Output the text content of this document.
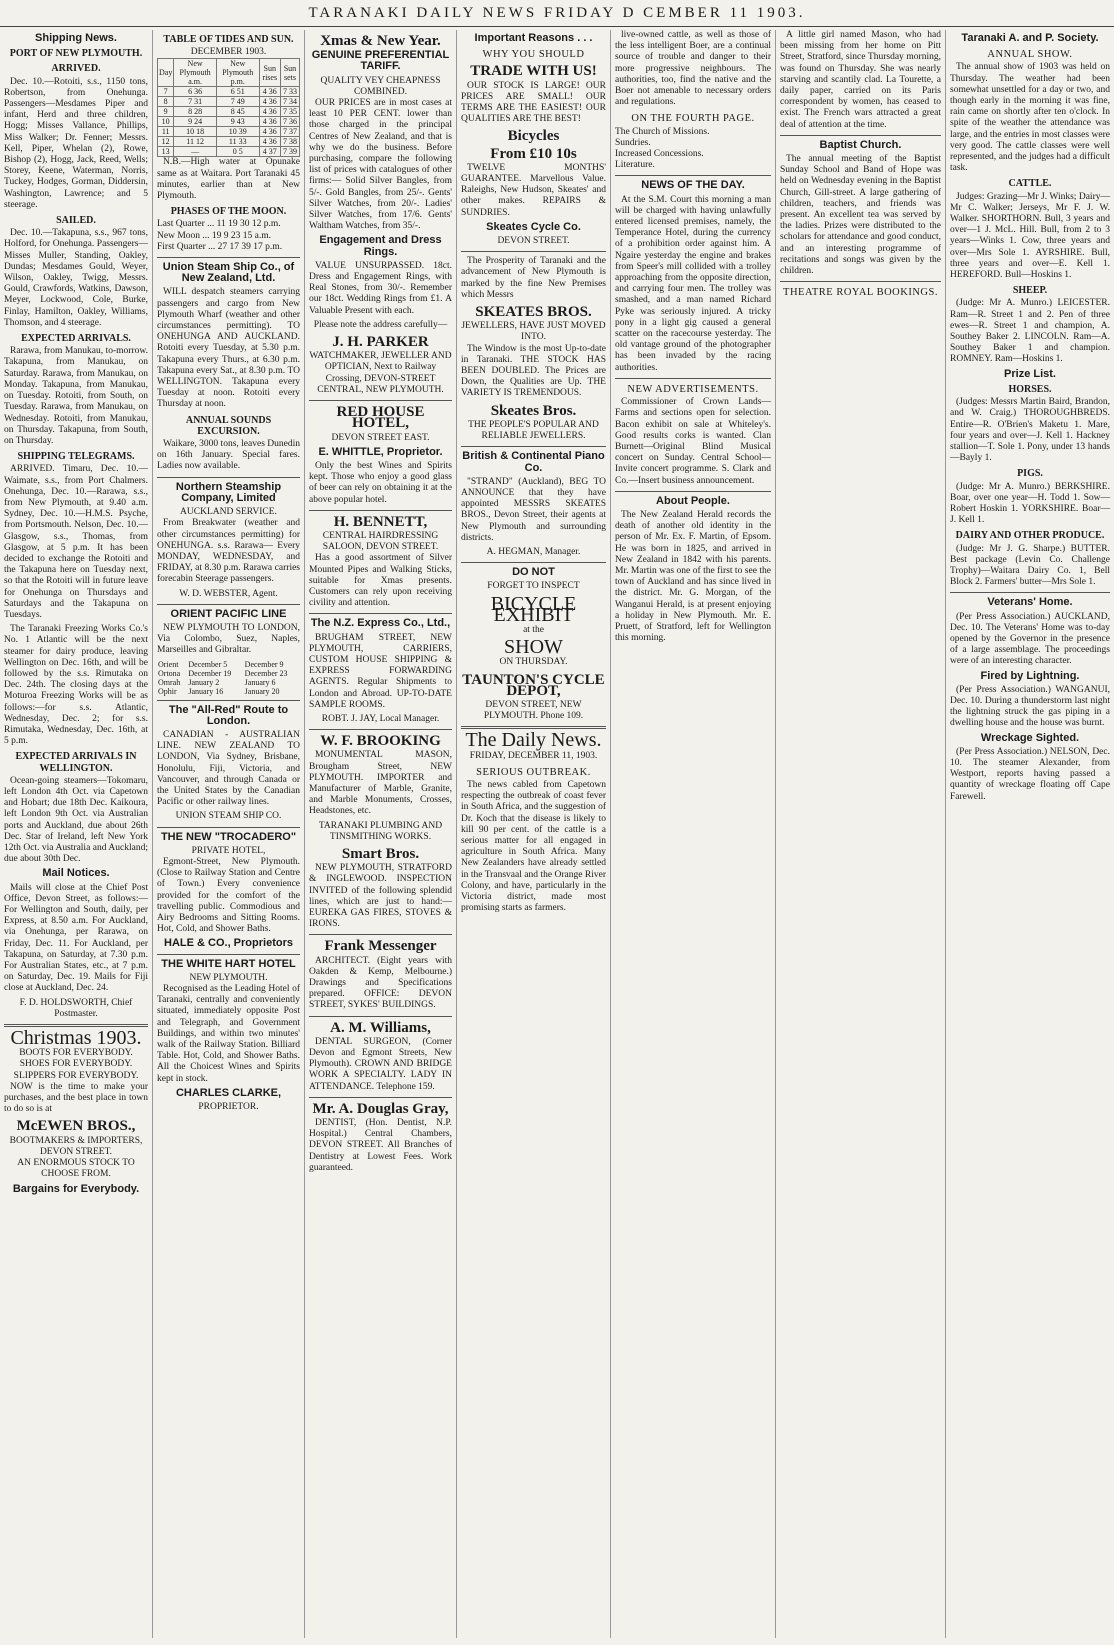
TARANAKI DAILY NEWS FRIDAY D CEMBER 11 1903.
Shipping News.
PORT OF NEW PLYMOUTH.
ARRIVED.

Dec. 10.—Rotoiti, s.s., 1150 tons, Robertson, from Onehunga. Passengers—Mesdames Piper and infant, Herd and three children, Hogg; Misses Vallance, Phillips, Miss Walker; Dr. Fenner; Messrs. Kell, Piper, Whelan (2), Rowe, Bishop (2), Hogg, Jack, Reed, Wells; Storey, Keene, Waterman, Norris, Tuckey, Hodges, Gorman, Diddersin, Washington, Lawrence; and 5 steerage.

SAILED.

Dec. 10.—Takapuna, s.s., 967 tons, Holford, for Onehunga. Passengers—Misses Muller, Standing, Oakley, Dundas; Mesdames Gould, Weyer, Wilson, Oakley, Twigg, Messrs. Gould, Crawfords, Watkins, Dawson, Meyer, Lockwood, Cole, Burke, Finlay, Hamilton, Oakley, Williams, Thomson, and 4 steerage.

EXPECTED ARRIVALS.

Rarawa, from Manukau, to-morrow. Takapuna, from Manukau, on Saturday. Rarawa, from Manukau, on Monday. Takapuna, from Manukau, on Tuesday. Rotoiti, from South, on Tuesday. Rarawa, from Manukau, on Wednesday. Rotoiti, from Manukau, on Thursday. Takapuna, from South, on Thursday.

SHIPPING TELEGRAMS.

ARRIVED. Timaru, Dec. 10.—Waimate, s.s., from Port Chalmers. Onehunga, Dec. 10.—Rarawa, s.s., from New Plymouth, at 9.40 a.m. Sydney, Dec. 10.—H.M.S. Psyche, from Portsmouth. Nelson, Dec. 10.—Glasgow, s.s., Thomas, from Glasgow, at 5 p.m. It has been decided to exchange the Rotoiti and the Takapuna here on Tuesday next, so that the Rotoiti will in future leave for Onehunga on Thursdays and Saturdays and the Takapuna on Tuesdays.

The Taranaki Freezing Works Co.'s No. 1 Atlantic will be the next steamer for dairy produce, leaving Wellington on Dec. 16th, and will be followed by the s.s. Rimutaka on Dec. 24th. The closing days at the Moturoa Freezing Works will be as follows:—for s.s. Atlantic, Wednesday, Dec. 2; for s.s. Rimutaka, Wednesday, Dec. 16th, at 5 p.m.

EXPECTED ARRIVALS IN WELLINGTON.

Ocean-going steamers—Tokomaru, left London 4th Oct. via Capetown and Hobart; due 18th Dec. Kaikoura, left London 9th Oct. via Australian ports and Auckland, due about 26th Dec. Star of Ireland, left New York 12th Oct. via Australia and Auckland; due about 30th Dec.

Mail Notices.

Mails will close at the Chief Post Office, Devon Street, as follows:—For Wellington and South, daily, per Express, at 8.50 a.m. For Auckland, via Onehunga, per Rarawa, on Friday, Dec. 11. For Auckland, per Takapuna, on Saturday, at 7.30 p.m. For Australian States, etc., at 7 p.m. on Saturday, Dec. 19. Mails for Fiji close at Auckland, Dec. 24.

F. D. HOLDSWORTH, Chief Postmaster.
Christmas 1903.
BOOTS FOR EVERYBODY.
SHOES FOR EVERYBODY.
SLIPPERS FOR EVERYBODY.

NOW is the time to make your purchases, and the best place in town to do so is at

McEWEN BROS.,
BOOTMAKERS & IMPORTERS, DEVON STREET.
AN ENORMOUS STOCK TO CHOOSE FROM.
Bargains for Everybody.
TABLE OF TIDES AND SUN.
DECEMBER 1903.
Day	New Plymouth a.m.	New Plymouth p.m.	Sun rises	Sun sets
7	6 36	6 51	4 36	7 33
8	7 31	7 49	4 36	7 34
9	8 28	8 45	4 36	7 35
10	9 24	9 43	4 36	7 36
11	10 18	10 39	4 36	7 37
12	11 12	11 33	4 36	7 38
13	—	0 5	4 37	7 39

N.B.—High water at Opunake same as at Waitara. Port Taranaki 45 minutes, earlier than at New Plymouth.

PHASES OF THE MOON.
Last Quarter ... 11 19 30 12 p.m.
New Moon ... 19 9 23 15 a.m.
First Quarter ... 27 17 39 17 p.m.
Union Steam Ship Co., of New Zealand, Ltd.

WILL despatch steamers carrying passengers and cargo from New Plymouth Wharf (weather and other circumstances permitting). TO ONEHUNGA AND AUCKLAND. Rotoiti every Tuesday, at 5.30 p.m. Takapuna every Thurs., at 6.30 p.m. Takapuna every Sat., at 8.30 p.m. TO WELLINGTON. Takapuna every Tuesday at noon. Rotoiti every Thursday at noon.

ANNUAL SOUNDS EXCURSION.

Waikare, 3000 tons, leaves Dunedin on 16th January. Special fares. Ladies now available.

Northern Steamship Company, Limited
AUCKLAND SERVICE.

From Breakwater (weather and other circumstances permitting) for ONEHUNGA. s.s. Rarawa— Every MONDAY, WEDNESDAY, and FRIDAY, at 8.30 p.m. Rarawa carries forecabin Steerage passengers.

W. D. WEBSTER, Agent.
ORIENT PACIFIC LINE

NEW PLYMOUTH TO LONDON, Via Colombo, Suez, Naples, Marseilles and Gibraltar.

Orient	December 5	December 9
Ortona	December 19	December 23
Omrah	January 2	January 6
Ophir	January 16	January 20
The "All-Red" Route to London.

CANADIAN - AUSTRALIAN LINE. NEW ZEALAND TO LONDON, Via Sydney, Brisbane, Honolulu, Fiji, Victoria, and Vancouver, and through Canada or the United States by the Canadian Pacific or other railway lines.

UNION STEAM SHIP CO.
THE NEW "TROCADERO"
PRIVATE HOTEL,

Egmont-Street, New Plymouth. (Close to Railway Station and Centre of Town.) Every convenience provided for the comfort of the travelling public. Commodious and Airy Bedrooms and Sitting Rooms. Hot, Cold, and Shower Baths.

HALE & CO., Proprietors
THE WHITE HART HOTEL
NEW PLYMOUTH.

Recognised as the Leading Hotel of Taranaki, centrally and conveniently situated, immediately opposite Post and Telegraph, and Government Buildings, and within two minutes' walk of the Railway Station. Billiard Table. Hot, Cold, and Shower Baths. All the Choicest Wines and Spirits kept in stock.

CHARLES CLARKE,
PROPRIETOR.
Xmas & New Year.
GENUINE PREFERENTIAL TARIFF.
QUALITY VEY CHEAPNESS COMBINED.

OUR PRICES are in most cases at least 10 PER CENT. lower than those charged in the principal Centres of New Zealand, and that is why we do the business. Before purchasing, compare the following list of prices with catalogues of other firms:— Solid Silver Bangles, from 5/-. Gold Bangles, from 25/-. Gents' Silver Watches, from 20/-. Ladies' Silver Watches, from 17/6. Gents' Waltham Watches, from 35/-.

Engagement and Dress Rings.

VALUE UNSURPASSED. 18ct. Dress and Engagement Rings, with Real Stones, from 30/-. Remember our 18ct. Wedding Rings from £1. A Valuable Present with each.

Please note the address carefully—
J. H. PARKER
WATCHMAKER, JEWELLER AND OPTICIAN, Next to Railway Crossing, DEVON-STREET CENTRAL, NEW PLYMOUTH.
RED HOUSE HOTEL,
DEVON STREET EAST.
E. WHITTLE, Proprietor.

Only the best Wines and Spirits kept. Those who enjoy a good glass of beer can rely on obtaining it at the above popular hotel.

H. BENNETT,
CENTRAL HAIRDRESSING SALOON, DEVON STREET.

Has a good assortment of Silver Mounted Pipes and Walking Sticks, suitable for Xmas presents. Customers can rely upon receiving civility and attention.

The N.Z. Express Co., Ltd.,

BRUGHAM STREET, NEW PLYMOUTH, CARRIERS, CUSTOM HOUSE SHIPPING & EXPRESS FORWARDING AGENTS. Regular Shipments to London and Abroad. UP-TO-DATE SAMPLE ROOMS.

ROBT. J. JAY, Local Manager.
W. F. BROOKING

MONUMENTAL MASON, Brougham Street, NEW PLYMOUTH. IMPORTER and Manufacturer of Marble, Granite, and Marble Monuments, Crosses, Headstones, etc.

TARANAKI PLUMBING AND TINSMITHING WORKS.
Smart Bros.

NEW PLYMOUTH, STRATFORD & INGLEWOOD. INSPECTION INVITED of the following splendid lines, which are just to hand:— EUREKA GAS FIRES, STOVES & IRONS.

Frank Messenger

ARCHITECT. (Eight years with Oakden & Kemp, Melbourne.) Drawings and Specifications prepared. OFFICE: DEVON STREET, SYKES' BUILDINGS.

A. M. Williams,

DENTAL SURGEON, (Corner Devon and Egmont Streets, New Plymouth). CROWN AND BRIDGE WORK A SPECIALTY. LADY IN ATTENDANCE. Telephone 159.

Mr. A. Douglas Gray,

DENTIST, (Hon. Dentist, N.P. Hospital.) Central Chambers, DEVON STREET. All Branches of Dentistry at Lowest Fees. Work guaranteed.

Important Reasons . . .
WHY YOU SHOULD
TRADE WITH US!

OUR STOCK IS LARGE! OUR PRICES ARE SMALL! OUR TERMS ARE THE EASIEST! OUR QUALITIES ARE THE BEST!

Bicycles
From £10 10s

TWELVE MONTHS' GUARANTEE. Marvellous Value. Raleighs, New Hudson, Skeates' and other makes. REPAIRS & SUNDRIES.

Skeates Cycle Co.
DEVON STREET.

The Prosperity of Taranaki and the advancement of New Plymouth is marked by the fine New Premises which Messrs

SKEATES BROS.
JEWELLERS, HAVE JUST MOVED INTO.

The Window is the most Up-to-date in Taranaki. THE STOCK HAS BEEN DOUBLED. The Prices are Down, the Qualities are Up. THE VARIETY IS TREMENDOUS.

Skeates Bros.
THE PEOPLE'S POPULAR AND RELIABLE JEWELLERS.
British & Continental Piano Co.

"STRAND" (Auckland), BEG TO ANNOUNCE that they have appointed MESSRS SKEATES BROS., Devon Street, their agents at New Plymouth and surrounding districts.

A. HEGMAN, Manager.
DO NOT
FORGET TO INSPECT
BICYCLE EXHIBIT
at the
SHOW
ON THURSDAY.
TAUNTON'S CYCLE DEPOT,
DEVON STREET, NEW PLYMOUTH. Phone 109.
The Daily News.
FRIDAY, DECEMBER 11, 1903.
SERIOUS OUTBREAK.

The news cabled from Capetown respecting the outbreak of coast fever in South Africa, and the suggestion of Dr. Koch that the disease is likely to kill 90 per cent. of the cattle is a serious matter for all engaged in agriculture in South Africa. Many New Zealanders have already settled in the Transvaal and the Orange River Colony, and have, particularly in the Victoria district, made most promising starts as farmers.

live-owned cattle, as well as those of the less intelligent Boer, are a continual source of trouble and danger to their more progressive neighbours. The authorities, too, find the native and the Boer not amenable to necessary orders and regulations.

ON THE FOURTH PAGE.
The Church of Missions.
Sundries.
Increased Concessions.
Literature.
NEWS OF THE DAY.

At the S.M. Court this morning a man will be charged with having unlawfully entered licensed premises, namely, the Temperance Hotel, during the currency of a prohibition order against him. A Ngaire yesterday the engine and brakes from Speer's mill collided with a trolley approaching from the opposite direction, and carrying four men. The trolley was smashed, and a man named Richard Pyke was seriously injured. A tricky pony in a light gig caused a general scatter on the racecourse yesterday. The old vantage ground of the photographer has been invaded by the racing authorities.

NEW ADVERTISEMENTS.

Commissioner of Crown Lands—Farms and sections open for selection. Bacon exhibit on sale at Whiteley's. Good results corks is wanted. Clan Burnett—Original Blind Musical concert on Sunday. Central School—Invite concert programme. S. Clark and Co.—Insert business announcement.

About People.

The New Zealand Herald records the death of another old identity in the person of Mr. Ex. F. Martin, of Epsom. He was born in 1825, and arrived in New Zealand in 1842 with his parents. Mr. Martin was one of the first to see the town of Auckland and has since lived in the district. Mr. G. Morgan, of the Wanganui Herald, is at present enjoying a holiday in New Plymouth. Mr. E. Pruett, of Stratford, left for Wellington this morning.

A little girl named Mason, who had been missing from her home on Pitt Street, Stratford, since Thursday morning, was found on Thursday. She was nearly starving and scantily clad. La Tourette, a daily paper, carried on its Paris correspondent by women, has ceased to exist. The French wars attracted a great deal of attention at the time.

Baptist Church.

The annual meeting of the Baptist Sunday School and Band of Hope was held on Wednesday evening in the Baptist Church, Gill-street. A large gathering of children, teachers, and friends was present. An excellent tea was served by the ladies. Prizes were distributed to the scholars for attendance and good conduct, and an interesting programme of recitations and songs was given by the children.

THEATRE ROYAL BOOKINGS.
Taranaki A. and P. Society.
ANNUAL SHOW.

The annual show of 1903 was held on Thursday. The weather had been somewhat unsettled for a day or two, and though early in the morning it was fine, rain came on shortly after ten o'clock. In spite of the weather the attendance was large, and the entries in most classes were very good. The cattle classes were well represented, and the judges had a difficult task.

CATTLE.

Judges: Grazing—Mr J. Winks; Dairy—Mr C. Walker; Jerseys, Mr F. J. W. Walker. SHORTHORN. Bull, 3 years and over—1 J. McL. Hill. Bull, from 2 to 3 years—Winks 1. Cow, three years and over—Mrs Sole 1. AYRSHIRE. Bull, three years and over—E. Kell 1. HEREFORD. Bull—Hoskins 1.

SHEEP.

(Judge: Mr A. Munro.) LEICESTER. Ram—R. Street 1 and 2. Pen of three ewes—R. Street 1 and champion, A. Southey Baker 2. LINCOLN. Ram—A. Southey Baker 1 and champion. ROMNEY. Ram—Hoskins 1.

Prize List.
HORSES.

(Judges: Messrs Martin Baird, Brandon, and W. Craig.) THOROUGHBREDS. Entire—R. O'Brien's Maketu 1. Mare, four years and over—J. Kell 1. Hackney stallion—T. Sole 1. Pony, under 13 hands—Bayly 1.

PIGS.

(Judge: Mr A. Munro.) BERKSHIRE. Boar, over one year—H. Todd 1. Sow—Robert Hoskin 1. YORKSHIRE. Boar—J. Kell 1.

DAIRY AND OTHER PRODUCE.

(Judge: Mr J. G. Sharpe.) BUTTER. Best package (Levin Co. Challenge Trophy)—Waitara Dairy Co. 1, Bell Block 2. Farmers' butter—Mrs Sole 1.

Veterans' Home.

(Per Press Association.) AUCKLAND, Dec. 10. The Veterans' Home was to-day opened by the Governor in the presence of a large assemblage. The proceedings were of an interesting character.

Fired by Lightning.

(Per Press Association.) WANGANUI, Dec. 10. During a thunderstorm last night the lightning struck the gas piping in a dwelling house and the house was burnt.

Wreckage Sighted.

(Per Press Association.) NELSON, Dec. 10. The steamer Alexander, from Westport, reports having passed a quantity of wreckage floating off Cape Farewell.
